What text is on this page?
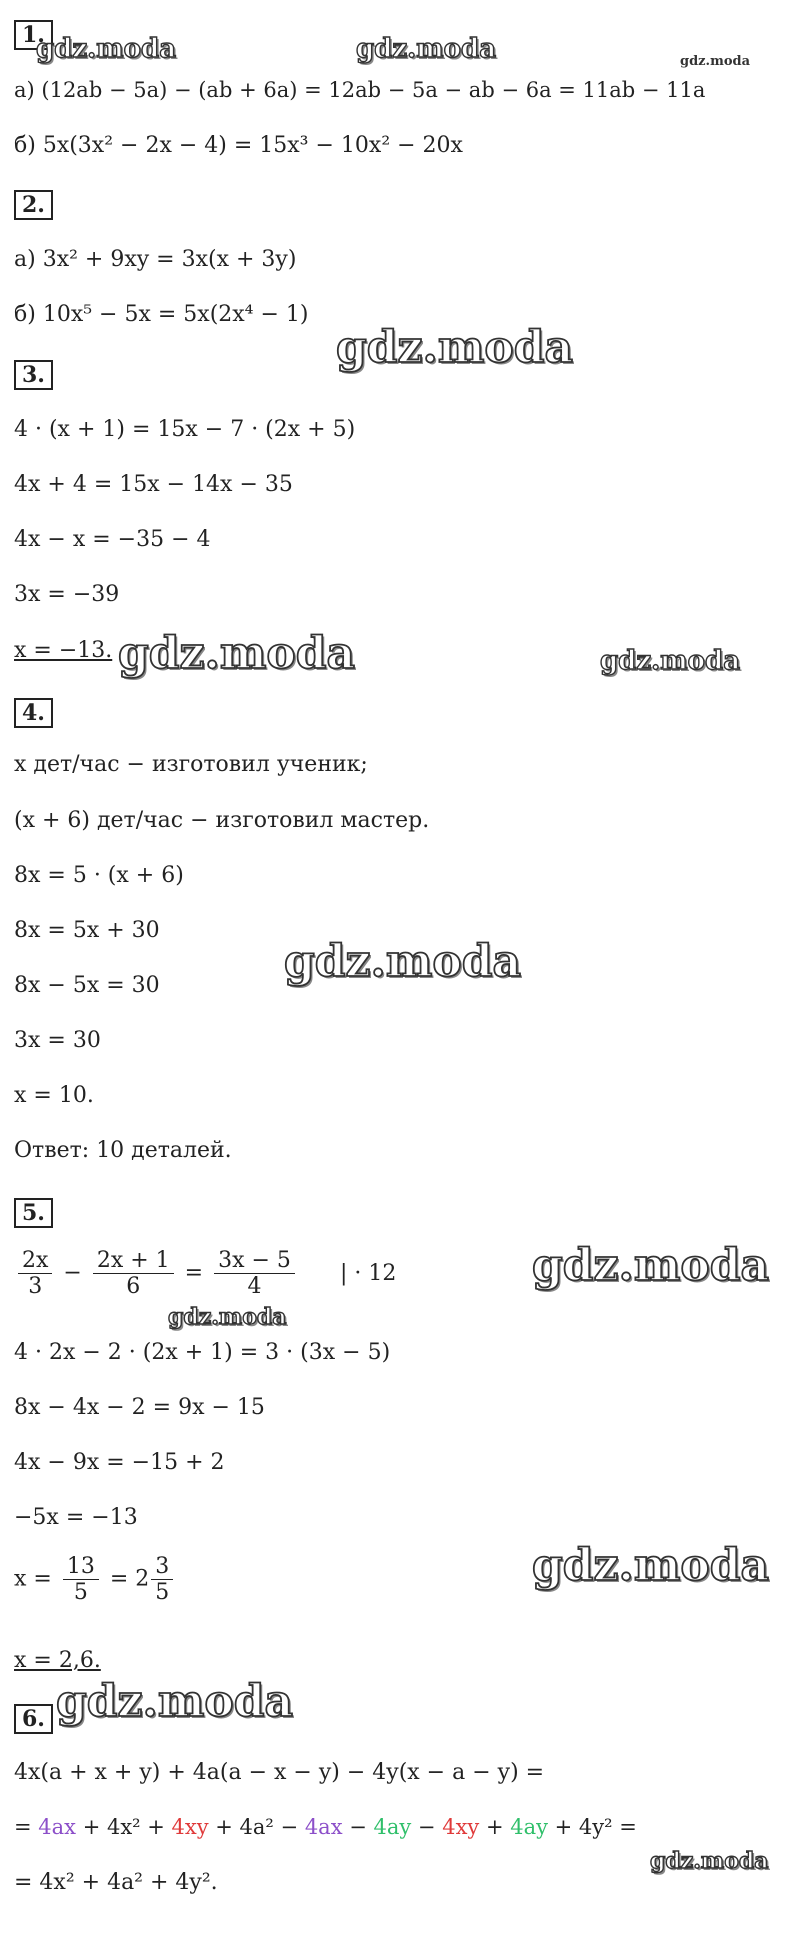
1.
gdz.moda	gdz.moda	gdz.moda
а) (12ab − 5a) − (ab + 6a) = 12ab − 5a − ab − 6a = 11ab − 11a
б) 5x(3x² − 2x − 4) = 15x³ − 10x² − 20x
2.
а) 3x² + 9xy = 3x(x + 3y)
б) 10x⁵ − 5x = 5x(2x⁴ − 1)
gdz.moda
3.
4 · (x + 1) = 15x − 7 · (2x + 5)
4x + 4 = 15x − 14x − 35
4x − x = −35 − 4
3x = −39
x = −13. gdz.moda	gdz.moda
4.
x дет/час − изготовил ученик;
(x + 6) дет/час − изготовил мастер.
8x = 5 · (x + 6)
8x = 5x + 30
gdz.moda
8x − 5x = 30
3x = 30
x = 10.
Ответ: 10 деталей.
5.
gdz.moda
$\frac{2x}{3} - \frac{2x + 1}{6} = \frac{3x - 5}{4}$ | · 12
gdz.moda
4 · 2x − 2 · (2x + 1) = 3 · (3x − 5)
8x − 4x − 2 = 9x − 15
4x − 9x = −15 + 2
−5x = −13
gdz.moda
$x = \frac{13}{5} = 2 \frac{3}{5}$
x = 2,6.
6. gdz.moda
4x(a + x + y) + 4a(a − x − y) − 4y(x − a − y) =
= 4ax + 4x² + 4xy + 4a² − 4ax − 4ay − 4xy + 4ay + 4y² =
gdz.moda
= 4x² + 4a² + 4y².
